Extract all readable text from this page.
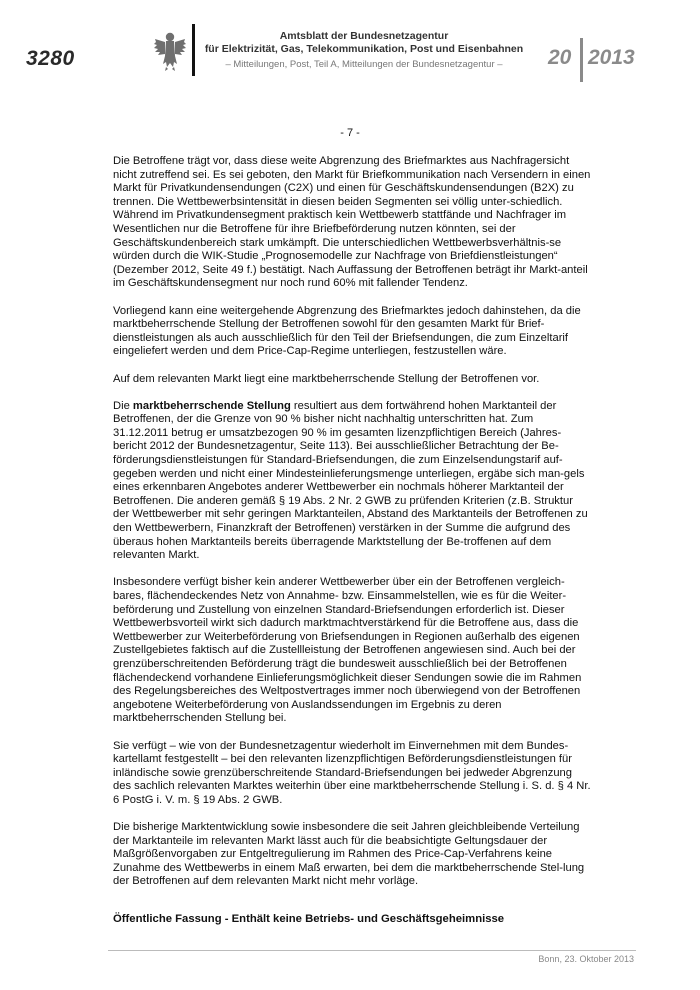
3280
Amtsblatt der Bundesnetzagentur
für Elektrizität, Gas, Telekommunikation, Post und Eisenbahnen
– Mitteilungen, Post, Teil A, Mitteilungen der Bundesnetzagentur –	20 2013
- 7 -

Die Betroffene trägt vor, dass diese weite Abgrenzung des Briefmarktes aus Nachfragersicht nicht zutreffend sei. Es sei geboten, den Markt für Briefkommunikation nach Versendern in einen Markt für Privatkundensendungen (C2X) und einen für Geschäftskundensendungen (B2X) zu trennen. Die Wettbewerbsintensität in diesen beiden Segmenten sei völlig unter-schiedlich. Während im Privatkundensegment praktisch kein Wettbewerb stattfände und Nachfrager im Wesentlichen nur die Betroffene für ihre Briefbeförderung nutzen könnten, sei der Geschäftskundenbereich stark umkämpft. Die unterschiedlichen Wettbewerbsverhältnis-se würden durch die WIK-Studie „Prognosemodelle zur Nachfrage von Briefdienstleistungen“ (Dezember 2012, Seite 49 f.) bestätigt. Nach Auffassung der Betroffenen beträgt ihr Markt-anteil im Geschäftskundensegment nur noch rund 60% mit fallender Tendenz.

Vorliegend kann eine weitergehende Abgrenzung des Briefmarktes jedoch dahinstehen, da die marktbeherrschende Stellung der Betroffenen sowohl für den gesamten Markt für Brief-dienstleistungen als auch ausschließlich für den Teil der Briefsendungen, die zum Einzeltarif eingeliefert werden und dem Price-Cap-Regime unterliegen, festzustellen wäre.

Auf dem relevanten Markt liegt eine marktbeherrschende Stellung der Betroffenen vor.

Die marktbeherrschende Stellung resultiert aus dem fortwährend hohen Marktanteil der Betroffenen, der die Grenze von 90 % bisher nicht nachhaltig unterschritten hat. Zum 31.12.2011 betrug er umsatzbezogen 90 % im gesamten lizenzpflichtigen Bereich (Jahres-bericht 2012 der Bundesnetzagentur, Seite 113). Bei ausschließlicher Betrachtung der Be-förderungsdienstleistungen für Standard-Briefsendungen, die zum Einzelsendungstarif auf-gegeben werden und nicht einer Mindesteinlieferungsmenge unterliegen, ergäbe sich man-gels eines erkennbaren Angebotes anderer Wettbewerber ein nochmals höherer Marktanteil der Betroffenen. Die anderen gemäß § 19 Abs. 2 Nr. 2 GWB zu prüfenden Kriterien (z.B. Struktur der Wettbewerber mit sehr geringen Marktanteilen, Abstand des Marktanteils der Betroffenen zu den Wettbewerbern, Finanzkraft der Betroffenen) verstärken in der Summe die aufgrund des überaus hohen Marktanteils bereits überragende Marktstellung der Be-troffenen auf dem relevanten Markt.

Insbesondere verfügt bisher kein anderer Wettbewerber über ein der Betroffenen vergleich-bares, flächendeckendes Netz von Annahme- bzw. Einsammelstellen, wie es für die Weiter-beförderung und Zustellung von einzelnen Standard-Briefsendungen erforderlich ist. Dieser Wettbewerbsvorteil wirkt sich dadurch marktmachtverstärkend für die Betroffene aus, dass die Wettbewerber zur Weiterbeförderung von Briefsendungen in Regionen außerhalb des eigenen Zustellgebietes faktisch auf die Zustellleistung der Betroffenen angewiesen sind. Auch bei der grenzüberschreitenden Beförderung trägt die bundesweit ausschließlich bei der Betroffenen flächendeckend vorhandene Einlieferungsmöglichkeit dieser Sendungen sowie die im Rahmen des Regelungsbereiches des Weltpostvertrages immer noch überwiegend von der Betroffenen angebotene Weiterbeförderung von Auslandssendungen im Ergebnis zu deren marktbeherrschenden Stellung bei.

Sie verfügt – wie von der Bundesnetzagentur wiederholt im Einvernehmen mit dem Bundes-kartellamt festgestellt – bei den relevanten lizenzpflichtigen Beförderungsdienstleistungen für inländische sowie grenzüberschreitende Standard-Briefsendungen bei jedweder Abgrenzung des sachlich relevanten Marktes weiterhin über eine marktbeherrschende Stellung i. S. d. § 4 Nr. 6 PostG i. V. m. § 19 Abs. 2 GWB.

Die bisherige Marktentwicklung sowie insbesondere die seit Jahren gleichbleibende Verteilung der Marktanteile im relevanten Markt lässt auch für die beabsichtigte Geltungsdauer der Maßgrößenvorgaben zur Entgeltregulierung im Rahmen des Price-Cap-Verfahrens keine Zunahme des Wettbewerbs in einem Maß erwarten, bei dem die marktbeherrschende Stel-lung der Betroffenen auf dem relevanten Markt nicht mehr vorläge.

Öffentliche Fassung - Enthält keine Betriebs- und Geschäftsgeheimnisse
Bonn, 23. Oktober 2013
